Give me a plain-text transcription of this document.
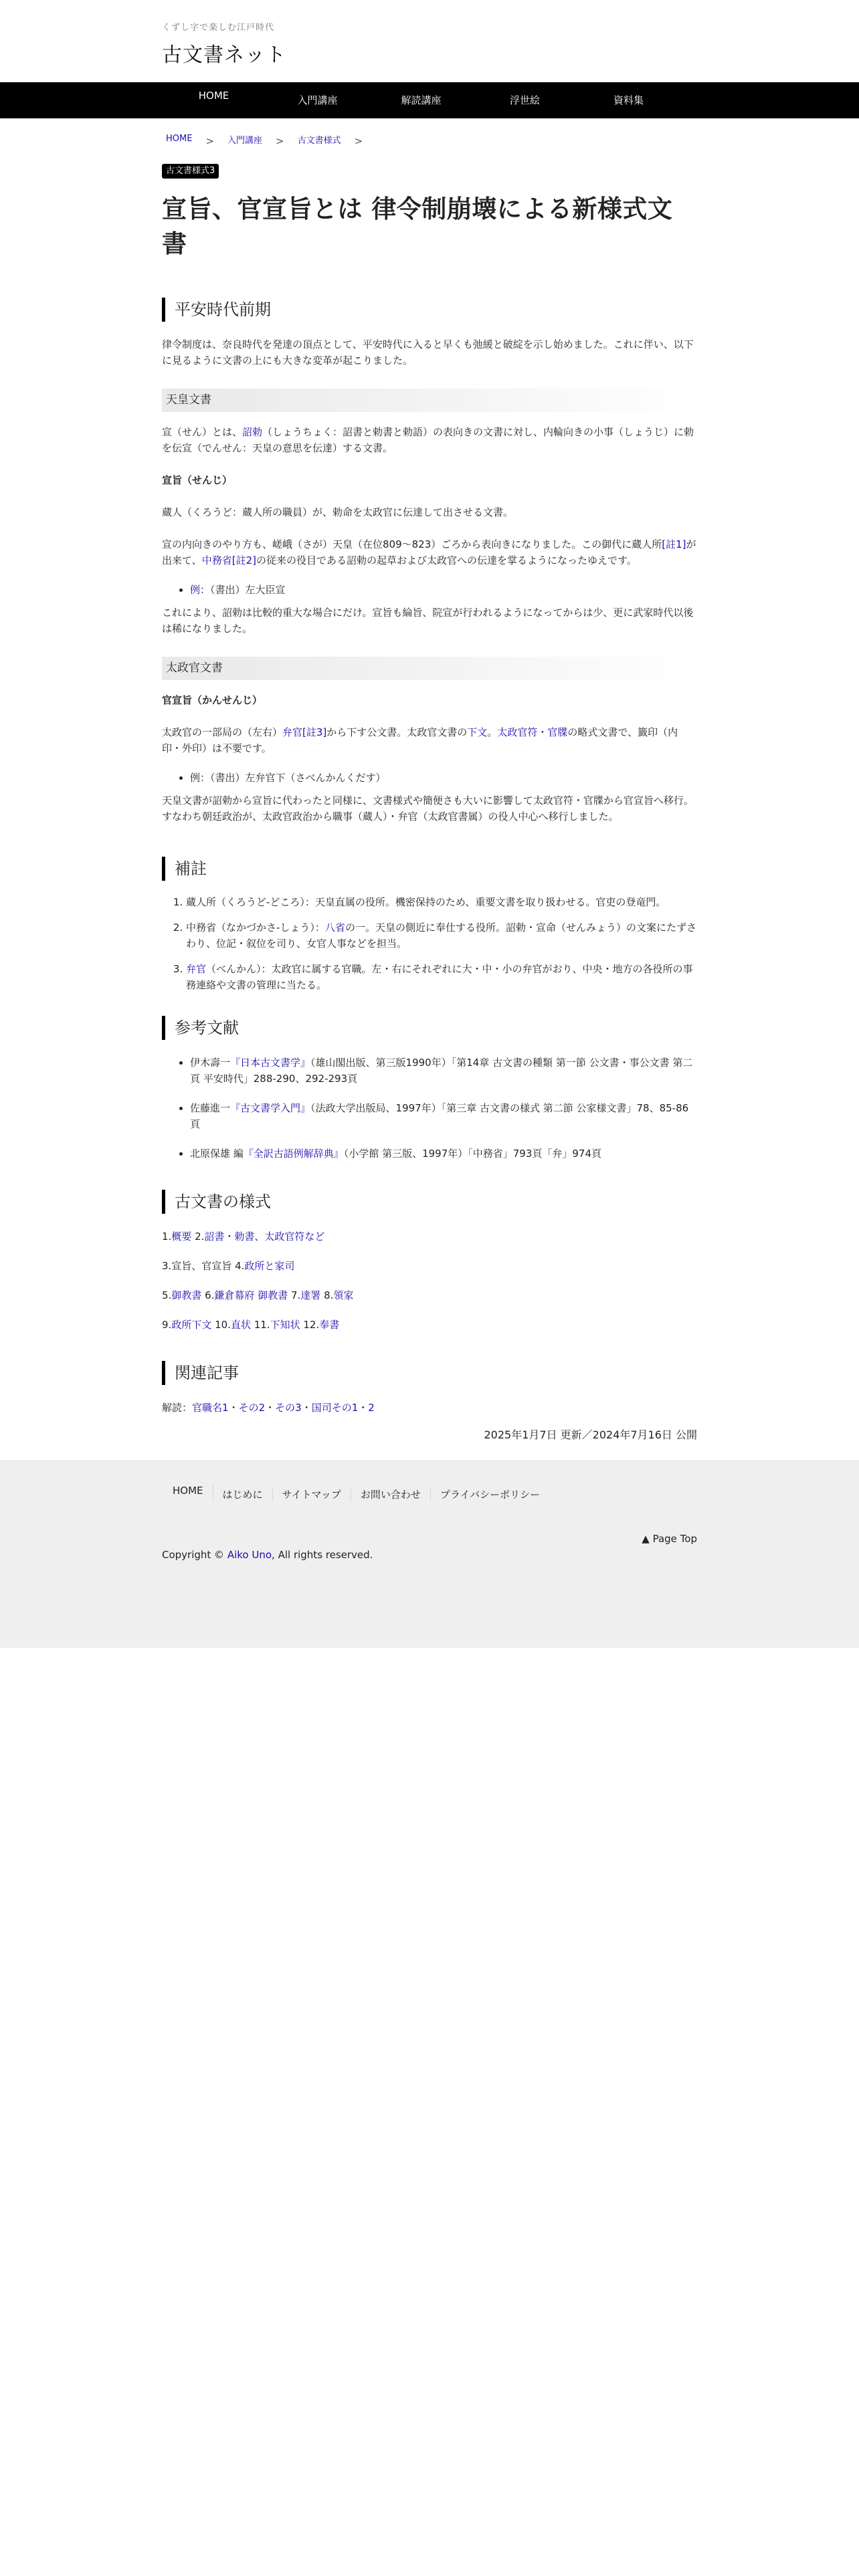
くずし字で楽しむ江戸時代
古文書ネット
HOME	入門講座	解読講座	浮世絵	資料集
HOME	>	入門講座	>	古文書様式	>
古文書様式3
宣旨、官宣旨とは 律令制崩壊による新様式文書
平安時代前期

律令制度は、奈良時代を発達の頂点として、平安時代に入ると早くも弛緩と破綻を示し始めました。これに伴い、以下に見るように文書の上にも大きな変革が起こりました。

天皇文書

宣（せん）とは、詔勅（しょうちょく：詔書と勅書と勅語）の表向きの文書に対し、内輪向きの小事（しょうじ）に勅を伝宣（でんせん：天皇の意思を伝達）する文書。

宣旨（せんじ）

蔵人（くろうど：蔵人所の職員）が、勅命を太政官に伝達して出させる文書。

宣の内向きのやり方も、嵯峨（さが）天皇（在位809〜823）ごろから表向きになりました。この御代に蔵人所[註1]が出来て、中務省[註2]の従来の役目である詔勅の起草および太政官への伝達を掌るようになったゆえです。

• 例：（書出）左大臣宣

これにより、詔勅は比較的重大な場合にだけ。宣旨も綸旨、院宣が行われるようになってからは少、更に武家時代以後は稀になりました。

太政官文書

官宣旨（かんせんじ）

太政官の一部局の（左右）弁官[註3]から下す公文書。太政官文書の下文。太政官符・官牒の略式文書で、籤印（内印・外印）は不要です。

• 例：（書出）左弁官下（さべんかんくだす）

天皇文書が詔勅から宣旨に代わったと同様に、文書様式や簡便さも大いに影響して太政官符・官牒から官宣旨へ移行。すなわち朝廷政治が、太政官政治から職事（蔵人）・弁官（太政官書属）の役人中心へ移行しました。

補註
1. 蔵人所（くろうど-どころ）：天皇直属の役所。機密保持のため、重要文書を取り扱わせる。官吏の登竜門。
2. 中務省（なかづかさ-しょう）：八省の一。天皇の側近に奉仕する役所。詔勅・宣命（せんみょう）の文案にたずさわり、位記・叙位を司り、女官人事などを担当。
3. 弁官（べんかん）：太政官に属する官職。左・右にそれぞれに大・中・小の弁官がおり、中央・地方の各役所の事務連絡や文書の管理に当たる。
参考文献
• 伊木壽一『日本古文書学』（雄山閣出版、第三版1990年）「第14章 古文書の種類 第一節 公文書・事公文書 第二頁 平安時代」288-290、292-293頁
• 佐藤進一『古文書学入門』（法政大学出版局、1997年）「第三章 古文書の様式 第二節 公家様文書」78、85-86頁
• 北原保雄 編『全訳古語例解辞典』（小学館 第三版、1997年）「中務省」793頁「弁」974頁
古文書の様式

1.概要 2.詔書・勅書、太政官符など

3.宣旨、官宣旨 4.政所と家司

5.御教書 6.鎌倉幕府 御教書 7.達署 8.領家

9.政所下文 10.直状 11.下知状 12.奉書

関連記事

解読：官職名1・その2・その3・国司その1・2

2025年1月7日 更新／2024年7月16日 公開

HOME	はじめに	サイトマップ	お問い合わせ	プライバシーポリシー
▲ Page Top
Copyright © Aiko Uno, All rights reserved.
